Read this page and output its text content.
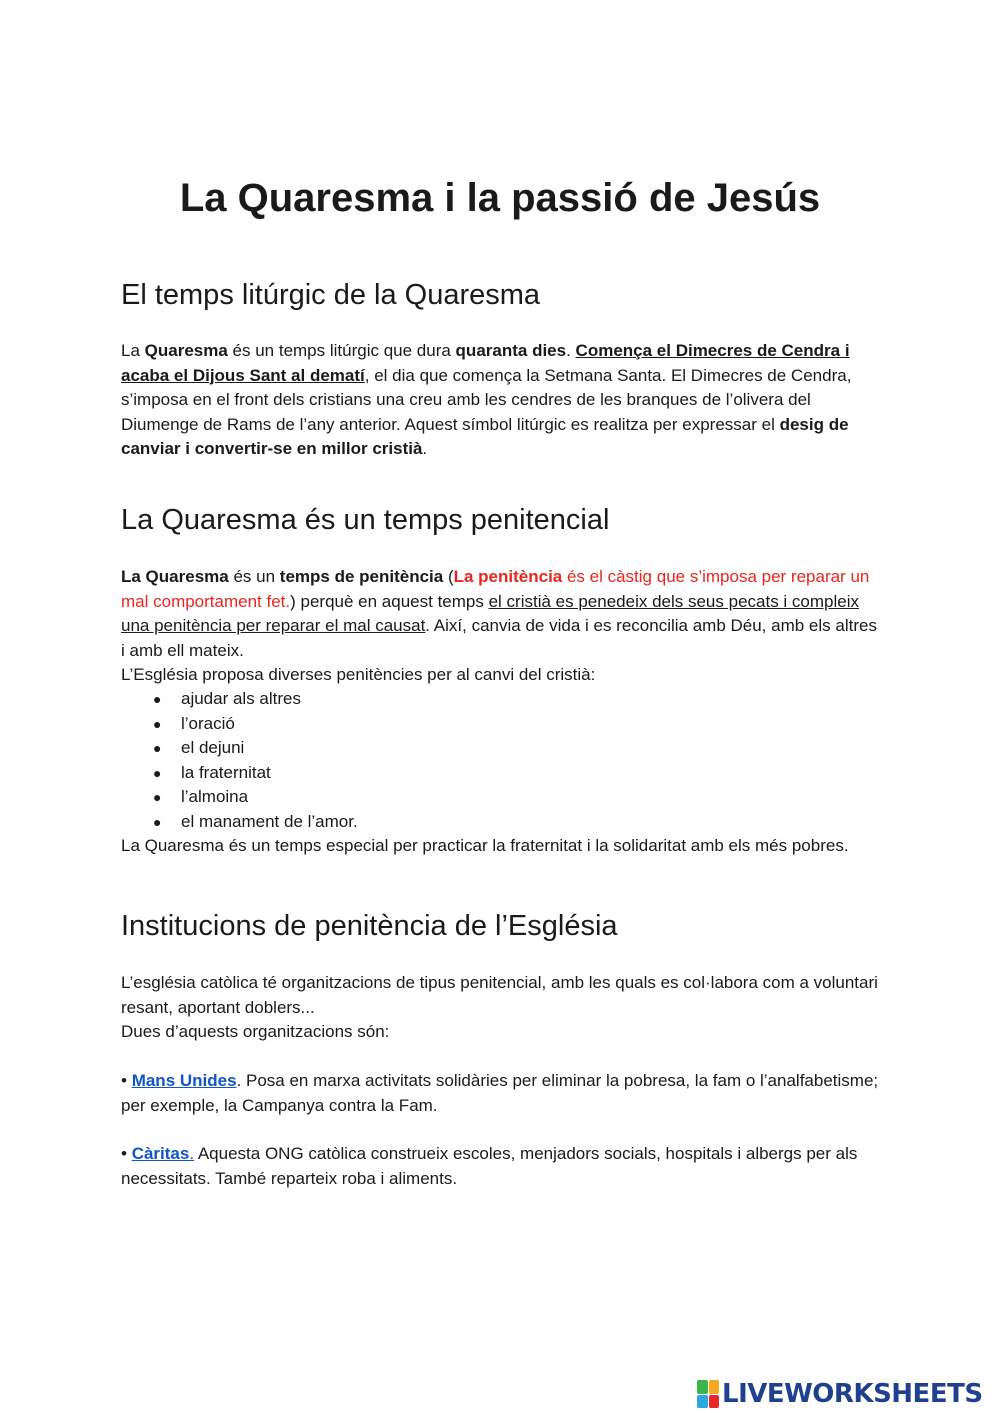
La Quaresma i la passió de Jesús
El temps litúrgic de la Quaresma

La Quaresma és un temps litúrgic que dura quaranta dies. Comença el Dimecres de Cendra i acaba el Dijous Sant al dematí, el dia que comença la Setmana Santa. El Dimecres de Cendra, s’imposa en el front dels cristians una creu amb les cendres de les branques de l’olivera del Diumenge de Rams de l’any anterior. Aquest símbol litúrgic es realitza per expressar el desig de canviar i convertir-se en millor cristià.

La Quaresma és un temps penitencial

La Quaresma és un temps de penitència (La penitència és el càstig que s’imposa per reparar un mal comportament fet.) perquè en aquest temps el cristià es penedeix dels seus pecats i compleix una penitència per reparar el mal causat. Així, canvia de vida i es reconcilia amb Déu, amb els altres i amb ell mateix.
L’Església proposa diverses penitències per al canvi del cristià:

● ajudar als altres
● l’oració
● el dejuni
● la fraternitat
● l’almoina
● el manament de l’amor.

La Quaresma és un temps especial per practicar la fraternitat i la solidaritat amb els més pobres.

Institucions de penitència de l’Església

L’església catòlica té organitzacions de tipus penitencial, amb les quals es col·labora com a voluntari resant, aportant doblers...
Dues d’aquests organitzacions són:

• Mans Unides. Posa en marxa activitats solidàries per eliminar la pobresa, la fam o l’analfabetisme; per exemple, la Campanya contra la Fam.

• Càritas. Aquesta ONG catòlica construeix escoles, menjadors socials, hospitals i albergs per als necessitats. També reparteix roba i aliments.

LIVEWORKSHEETS
